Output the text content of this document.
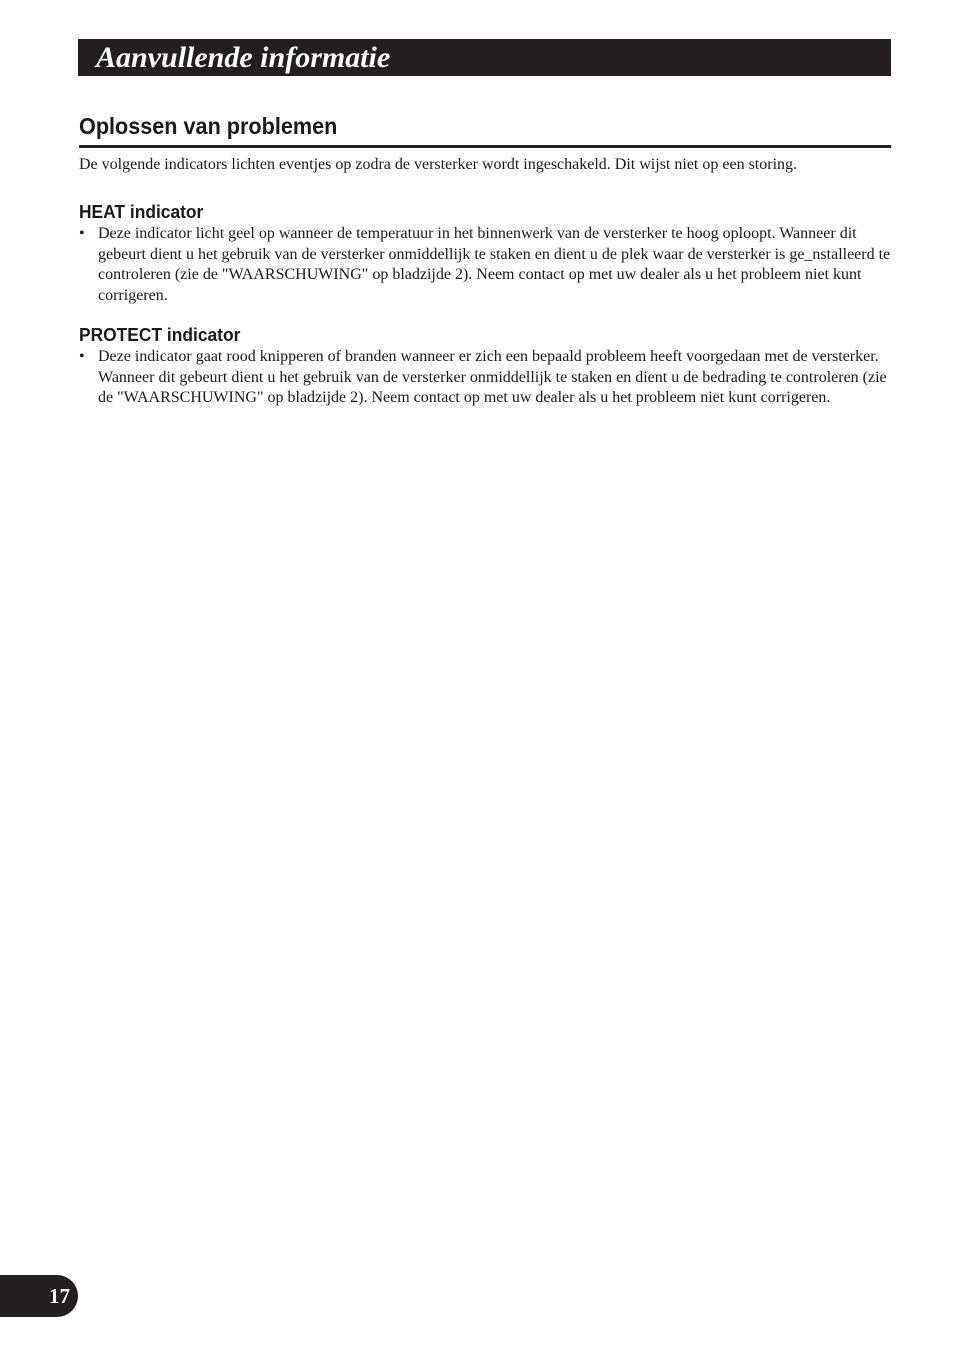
Aanvullende informatie
Oplossen van problemen

De volgende indicators lichten eventjes op zodra de versterker wordt ingeschakeld. Dit wijst niet op een storing.

HEAT indicator
• Deze indicator licht geel op wanneer de temperatuur in het binnenwerk van de versterker te hoog oploopt. Wanneer dit gebeurt dient u het gebruik van de versterker onmiddellijk te staken en dient u de plek waar de versterker is ge_nstalleerd te controleren (zie de "WAARSCHUWING" op bladzijde 2). Neem contact op met uw dealer als u het probleem niet kunt corrigeren.
PROTECT indicator
• Deze indicator gaat rood knipperen of branden wanneer er zich een bepaald probleem heeft voorgedaan met de versterker. Wanneer dit gebeurt dient u het gebruik van de versterker onmiddellijk te staken en dient u de bedrading te controleren (zie de "WAARSCHUWING" op bladzijde 2). Neem contact op met uw dealer als u het probleem niet kunt corrigeren.
17
